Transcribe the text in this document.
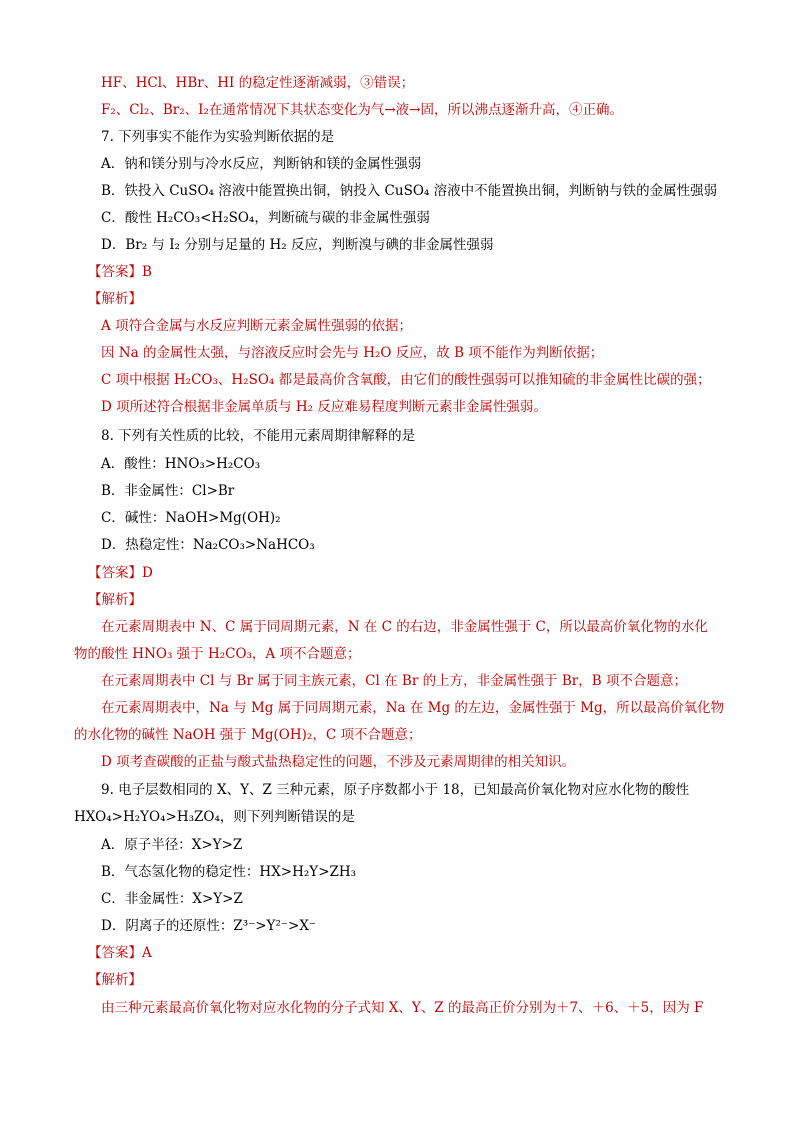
HF、HCl、HBr、HI 的稳定性逐渐减弱，③错误；
F₂、Cl₂、Br₂、I₂在通常情况下其状态变化为气→液→固，所以沸点逐渐升高，④正确。
7. 下列事实不能作为实验判断依据的是
A．钠和镁分别与冷水反应，判断钠和镁的金属性强弱
B．铁投入 CuSO₄ 溶液中能置换出铜，钠投入 CuSO₄ 溶液中不能置换出铜，判断钠与铁的金属性强弱
C．酸性 H₂CO₃<H₂SO₄，判断硫与碳的非金属性强弱
D．Br₂ 与 I₂ 分别与足量的 H₂ 反应，判断溴与碘的非金属性强弱
【答案】B
【解析】
A 项符合金属与水反应判断元素金属性强弱的依据；
因 Na 的金属性太强，与溶液反应时会先与 H₂O 反应，故 B 项不能作为判断依据；
C 项中根据 H₂CO₃、H₂SO₄ 都是最高价含氧酸，由它们的酸性强弱可以推知硫的非金属性比碳的强；
D 项所述符合根据非金属单质与 H₂ 反应难易程度判断元素非金属性强弱。
8. 下列有关性质的比较，不能用元素周期律解释的是
A．酸性：HNO₃>H₂CO₃
B．非金属性：Cl>Br
C．碱性：NaOH>Mg(OH)₂
D．热稳定性：Na₂CO₃>NaHCO₃
【答案】D
【解析】
在元素周期表中 N、C 属于同周期元素，N 在 C 的右边，非金属性强于 C，所以最高价氧化物的水化
物的酸性 HNO₃ 强于 H₂CO₃，A 项不合题意；
在元素周期表中 Cl 与 Br 属于同主族元素，Cl 在 Br 的上方，非金属性强于 Br，B 项不合题意；
在元素周期表中，Na 与 Mg 属于同周期元素，Na 在 Mg 的左边，金属性强于 Mg，所以最高价氧化物
的水化物的碱性 NaOH 强于 Mg(OH)₂，C 项不合题意；
D 项考查碳酸的正盐与酸式盐热稳定性的问题，不涉及元素周期律的相关知识。
9. 电子层数相同的 X、Y、Z 三种元素，原子序数都小于 18，已知最高价氧化物对应水化物的酸性
HXO₄>H₂YO₄>H₃ZO₄，则下列判断错误的是
A．原子半径：X>Y>Z
B．气态氢化物的稳定性：HX>H₂Y>ZH₃
C．非金属性：X>Y>Z
D．阴离子的还原性：Z³⁻>Y²⁻>X⁻
【答案】A
【解析】
由三种元素最高价氧化物对应水化物的分子式知 X、Y、Z 的最高正价分别为＋7、＋6、＋5，因为 F
